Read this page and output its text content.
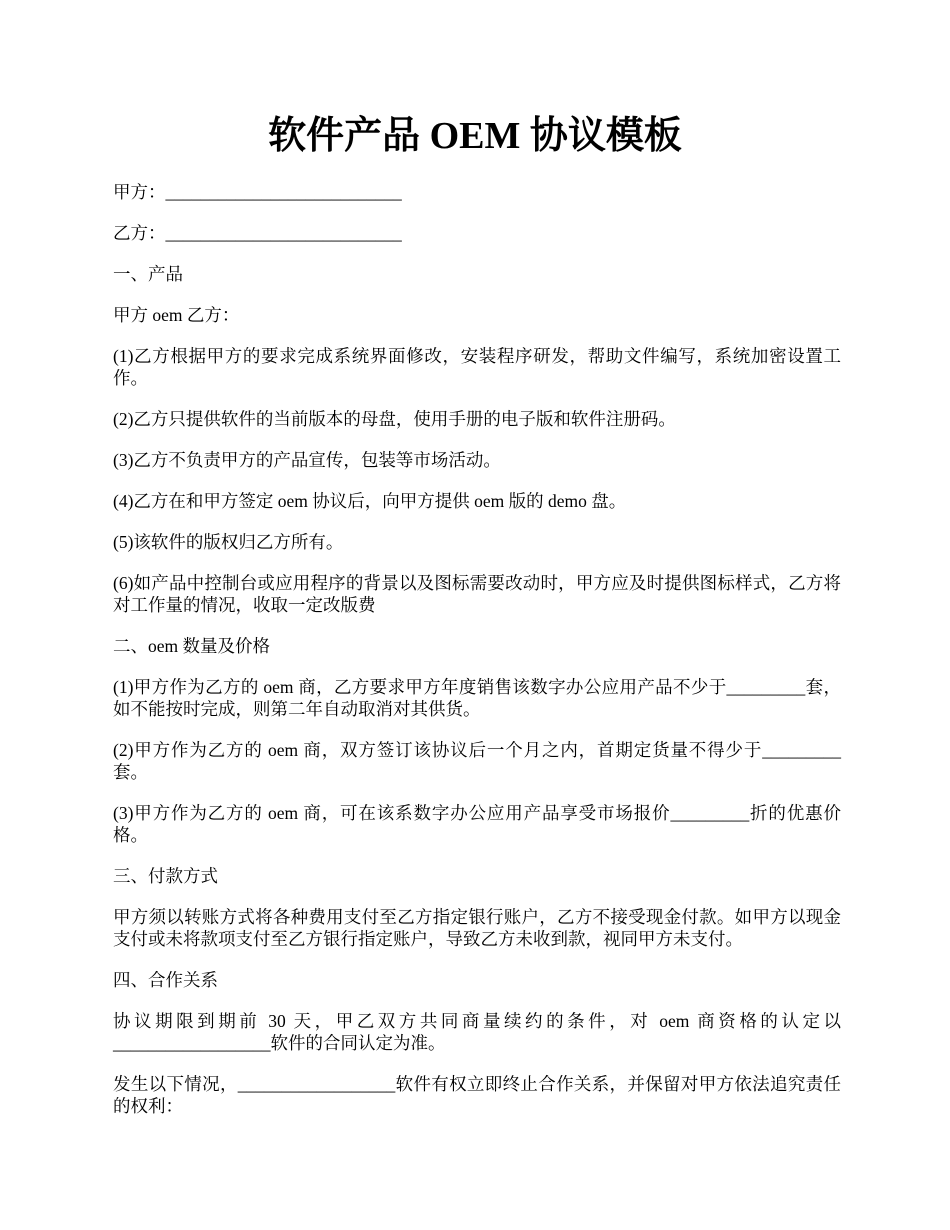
软件产品 OEM 协议模板

甲方：___________________________

乙方：___________________________

一、产品

甲方 oem 乙方：

(1)乙方根据甲方的要求完成系统界面修改，安装程序研发，帮助文件编写，系统加密设置工作。

(2)乙方只提供软件的当前版本的母盘，使用手册的电子版和软件注册码。

(3)乙方不负责甲方的产品宣传，包装等市场活动。

(4)乙方在和甲方签定 oem 协议后，向甲方提供 oem 版的 demo 盘。

(5)该软件的版权归乙方所有。

(6)如产品中控制台或应用程序的背景以及图标需要改动时，甲方应及时提供图标样式，乙方将对工作量的情况，收取一定改版费

二、oem 数量及价格

(1)甲方作为乙方的 oem 商，乙方要求甲方年度销售该数字办公应用产品不少于_________套，如不能按时完成，则第二年自动取消对其供货。

(2)甲方作为乙方的 oem 商，双方签订该协议后一个月之内，首期定货量不得少于_________套。

(3)甲方作为乙方的 oem 商，可在该系数字办公应用产品享受市场报价_________折的优惠价格。

三、付款方式

甲方须以转账方式将各种费用支付至乙方指定银行账户，乙方不接受现金付款。如甲方以现金支付或未将款项支付至乙方银行指定账户，导致乙方未收到款，视同甲方未支付。

四、合作关系

协议期限到期前 30 天，甲乙双方共同商量续约的条件，对 oem 商资格的认定以__________________软件的合同认定为准。

发生以下情况，__________________软件有权立即终止合作关系，并保留对甲方依法追究责任的权利：
